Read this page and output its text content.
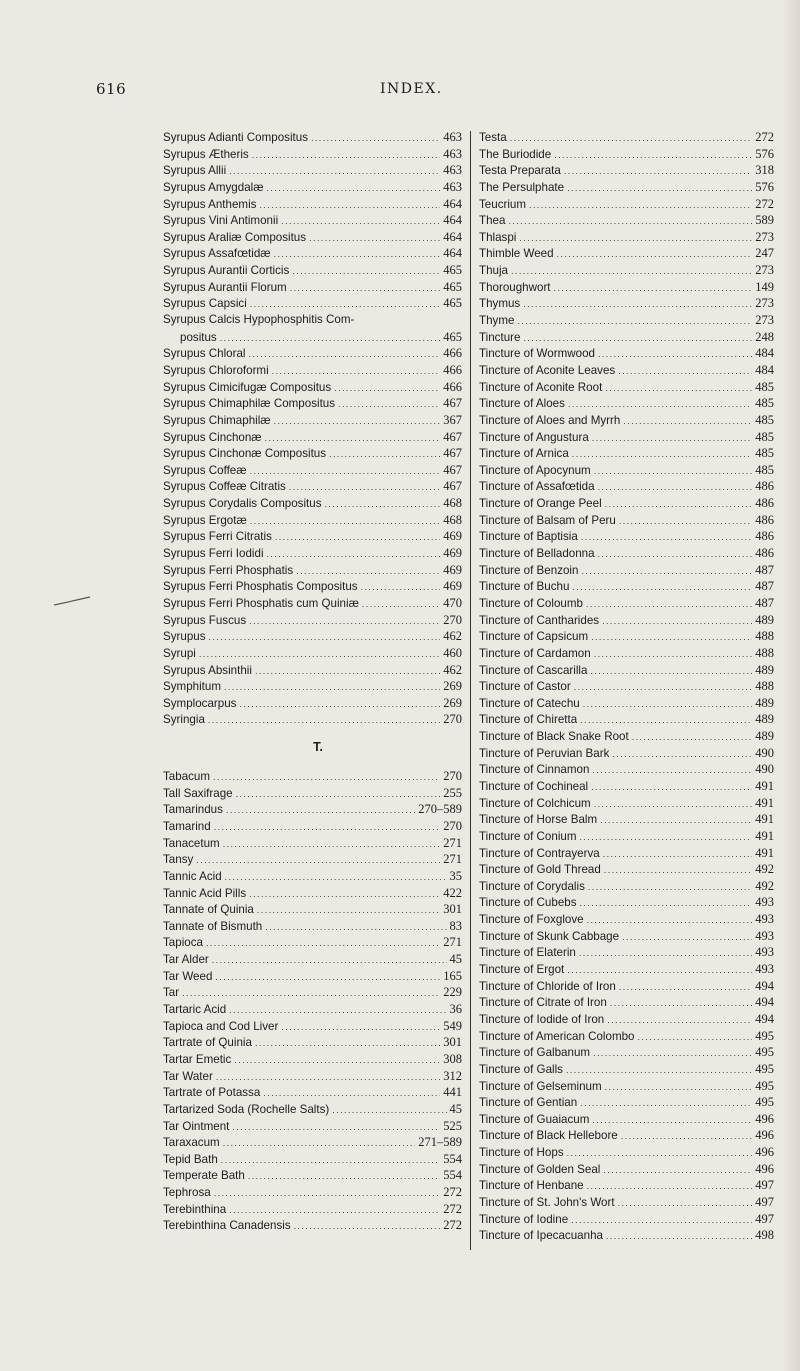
616	INDEX.
Syrupus Adianti Compositus .....	463
Syrupus Ætheris .....	463
Syrupus Allii .....	463
Syrupus Amygdalæ .....	463
Syrupus Anthemis .....	464
Syrupus Vini Antimonii .....	464
Syrupus Araliæ Compositus .....	464
Syrupus Assafœtidæ .....	464
Syrupus Aurantii Corticis .....	465
Syrupus Aurantii Florum .....	465
Syrupus Capsici .....	465
Syrupus Calcis Hypophosphitis Com-
positus .....	465
Syrupus Chloral .....	466
Syrupus Chloroformi .....	466
Syrupus Cimicifugæ Compositus .....	466
Syrupus Chimaphilæ Compositus .....	467
Syrupus Chimaphilæ .....	367
Syrupus Cinchonæ .....	467
Syrupus Cinchonæ Compositus .....	467
Syrupus Coffeæ .....	467
Syrupus Coffeæ Citratis .....	467
Syrupus Corydalis Compositus .....	468
Syrupus Ergotæ .....	468
Syrupus Ferri Citratis .....	469
Syrupus Ferri Iodidi .....	469
Syrupus Ferri Phosphatis .....	469
Syrupus Ferri Phosphatis Compositus .....	469
Syrupus Ferri Phosphatis cum Quiniæ .....	470
Syrupus Fuscus .....	270
Syrupus .....	462
Syrupi .....	460
Syrupus Absinthii .....	462
Symphitum .....	269
Symplocarpus .....	269
Syringia .....	270
T.
Tabacum .....	270
Tall Saxifrage .....	255
Tamarindus .....	270–589
Tamarind .....	270
Tanacetum .....	271
Tansy .....	271
Tannic Acid .....	35
Tannic Acid Pills .....	422
Tannate of Quinia .....	301
Tannate of Bismuth .....	83
Tapioca .....	271
Tar Alder .....	45
Tar Weed .....	165
Tar .....	229
Tartaric Acid .....	36
Tapioca and Cod Liver .....	549
Tartrate of Quinia .....	301
Tartar Emetic .....	308
Tar Water .....	312
Tartrate of Potassa .....	441
Tartarized Soda (Rochelle Salts) .....	45
Tar Ointment .....	525
Taraxacum .....	271–589
Tepid Bath .....	554
Temperate Bath .....	554
Tephrosa .....	272
Terebinthina .....	272
Terebinthina Canadensis .....	272
Testa .....	272
The Buriodide .....	576
Testa Preparata .....	318
The Persulphate .....	576
Teucrium .....	272
Thea .....	589
Thlaspi .....	273
Thimble Weed .....	247
Thuja .....	273
Thoroughwort .....	149
Thymus .....	273
Thyme .....	273
Tincture .....	248
Tincture of Wormwood .....	484
Tincture of Aconite Leaves .....	484
Tincture of Aconite Root .....	485
Tincture of Aloes .....	485
Tincture of Aloes and Myrrh .....	485
Tincture of Angustura .....	485
Tincture of Arnica .....	485
Tincture of Apocynum .....	485
Tincture of Assafœtida .....	486
Tincture of Orange Peel .....	486
Tincture of Balsam of Peru .....	486
Tincture of Baptisia .....	486
Tincture of Belladonna .....	486
Tincture of Benzoin .....	487
Tincture of Buchu .....	487
Tincture of Coloumb .....	487
Tincture of Cantharides .....	489
Tincture of Capsicum .....	488
Tincture of Cardamon .....	488
Tincture of Cascarilla .....	489
Tincture of Castor .....	488
Tincture of Catechu .....	489
Tincture of Chiretta .....	489
Tincture of Black Snake Root .....	489
Tincture of Peruvian Bark .....	490
Tincture of Cinnamon .....	490
Tincture of Cochineal .....	491
Tincture of Colchicum .....	491
Tincture of Horse Balm .....	491
Tincture of Conium .....	491
Tincture of Contrayerva .....	491
Tincture of Gold Thread .....	492
Tincture of Corydalis .....	492
Tincture of Cubebs .....	493
Tincture of Foxglove .....	493
Tincture of Skunk Cabbage .....	493
Tincture of Elaterin .....	493
Tincture of Ergot .....	493
Tincture of Chloride of Iron .....	494
Tincture of Citrate of Iron .....	494
Tincture of Iodide of Iron .....	494
Tincture of American Colombo .....	495
Tincture of Galbanum .....	495
Tincture of Galls .....	495
Tincture of Gelseminum .....	495
Tincture of Gentian .....	495
Tincture of Guaiacum .....	496
Tincture of Black Hellebore .....	496
Tincture of Hops .....	496
Tincture of Golden Seal .....	496
Tincture of Henbane .....	497
Tincture of St. John's Wort .....	497
Tincture of Iodine .....	497
Tincture of Ipecacuanha .....	498
